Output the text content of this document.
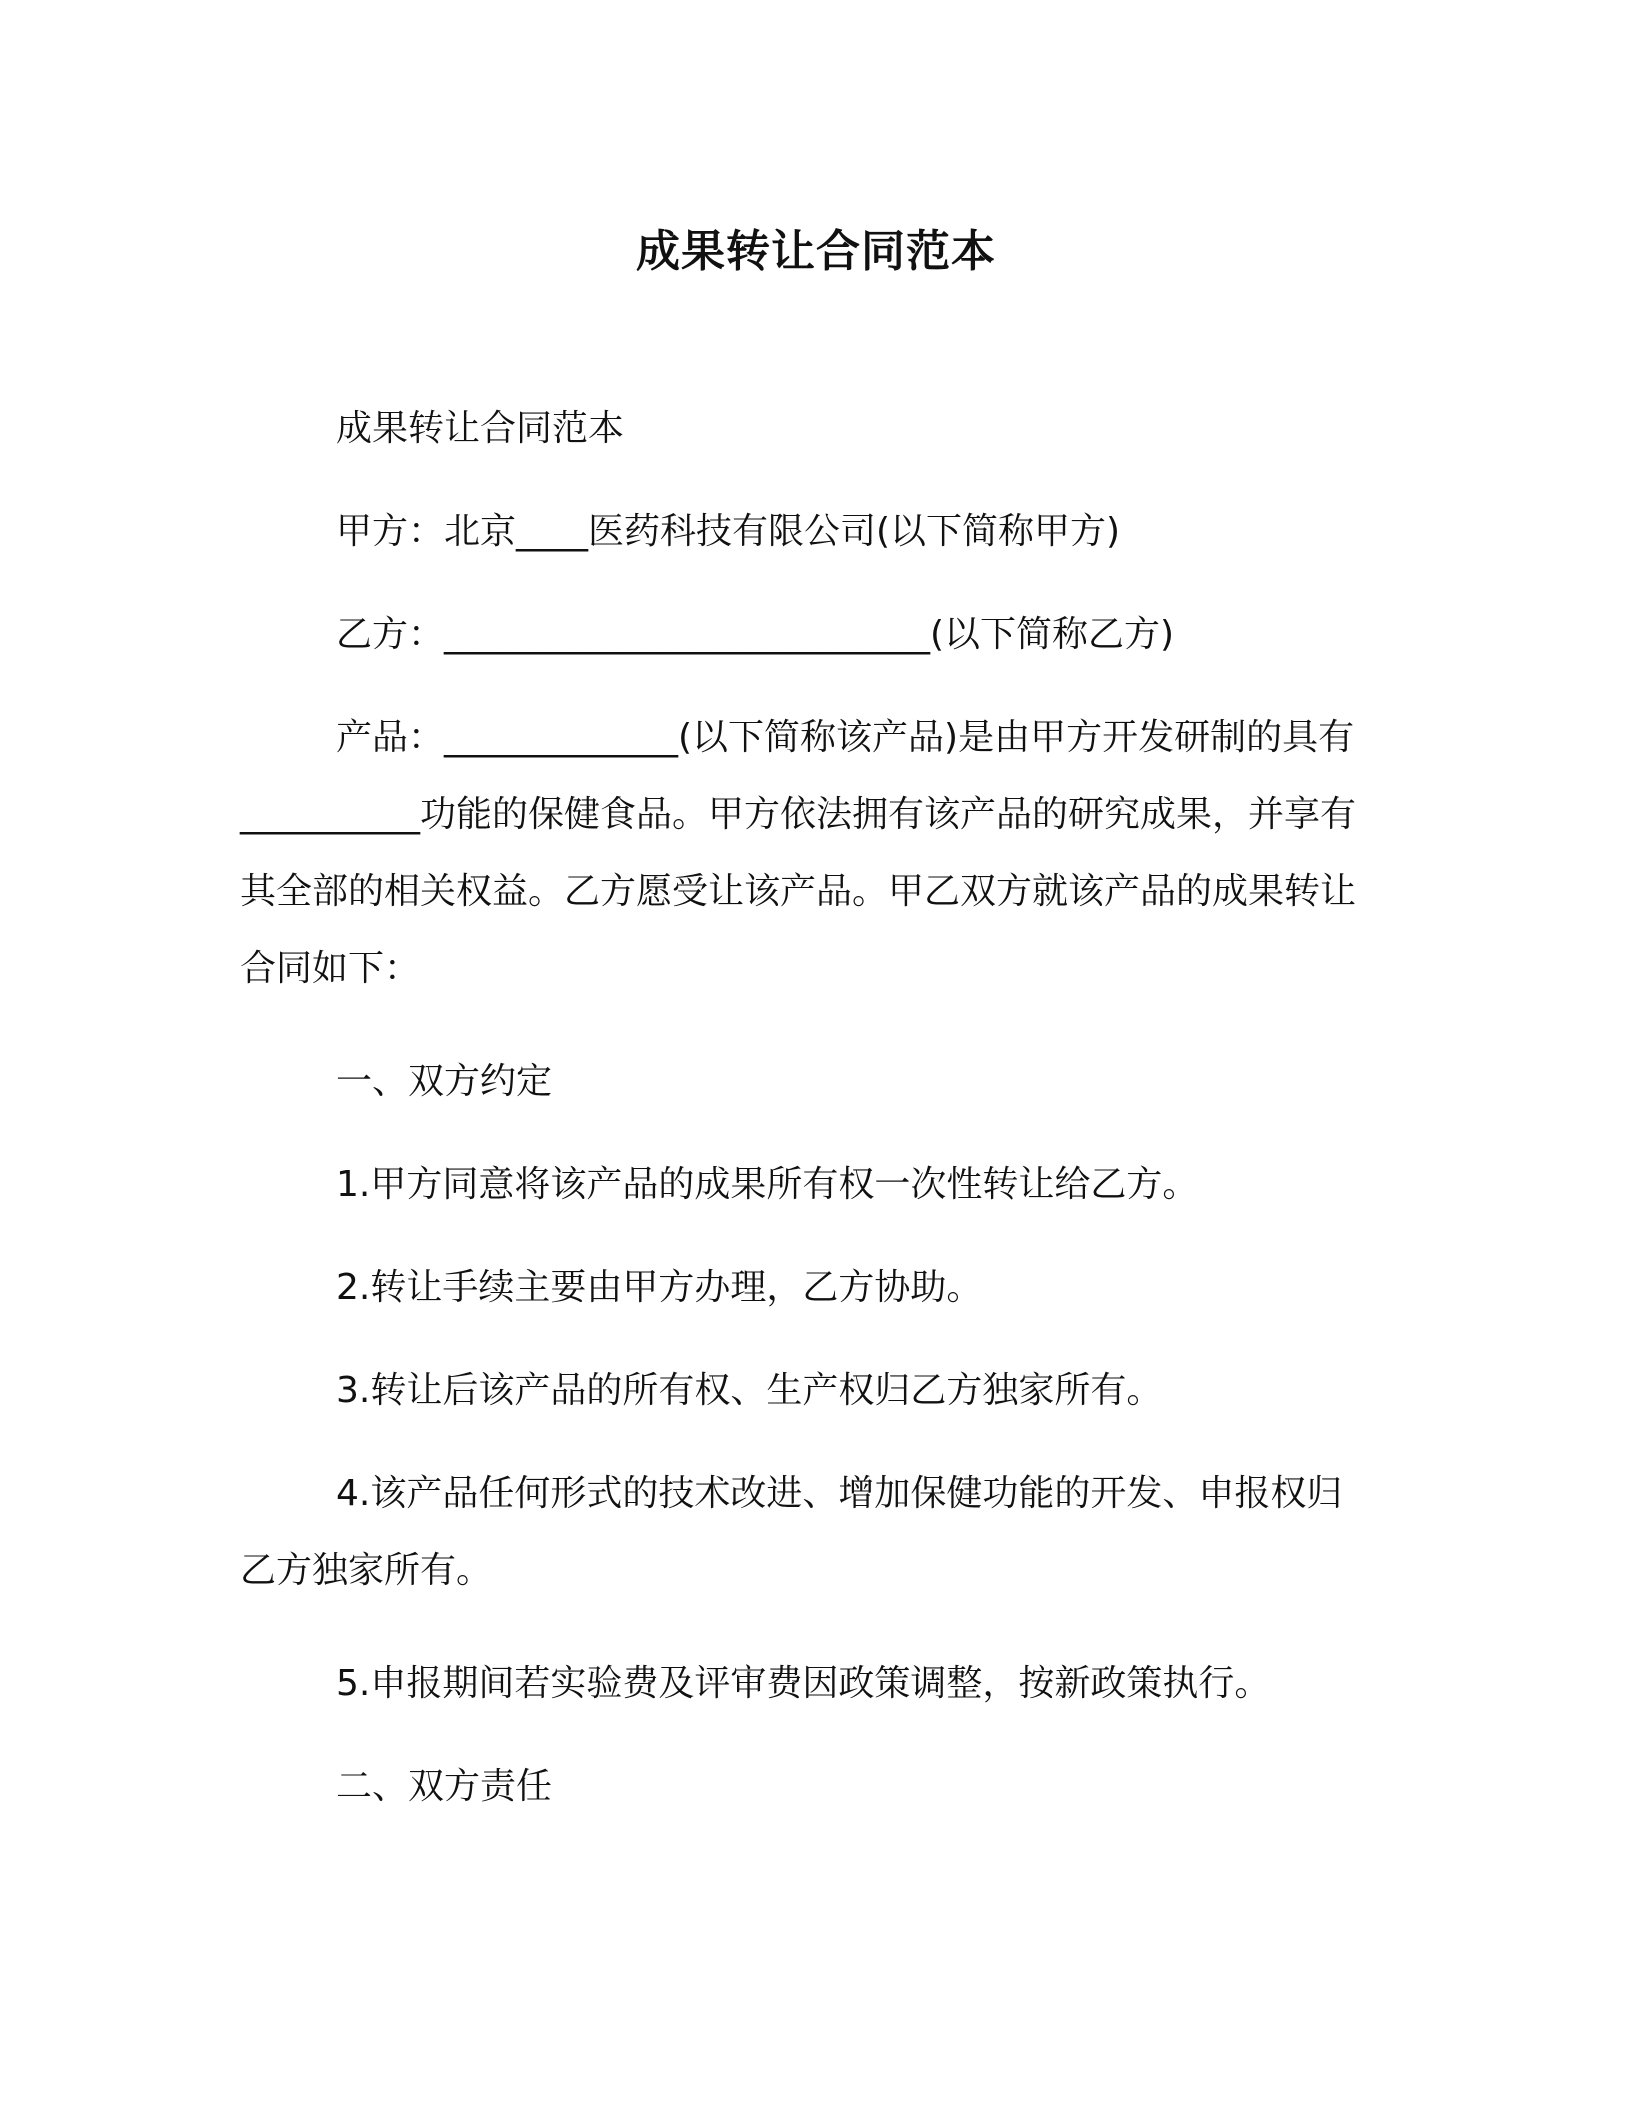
成果转让合同范本

成果转让合同范本

甲方：北京____医药科技有限公司(以下简称甲方)

乙方：___________________________(以下简称乙方)

产品：_____________(以下简称该产品)是由甲方开发研制的具有__________功能的保健食品。甲方依法拥有该产品的研究成果，并享有其全部的相关权益。乙方愿受让该产品。甲乙双方就该产品的成果转让合同如下：

一、双方约定

1.甲方同意将该产品的成果所有权一次性转让给乙方。

2.转让手续主要由甲方办理，乙方协助。

3.转让后该产品的所有权、生产权归乙方独家所有。

4.该产品任何形式的技术改进、增加保健功能的开发、申报权归乙方独家所有。

5.申报期间若实验费及评审费因政策调整，按新政策执行。

二、双方责任
